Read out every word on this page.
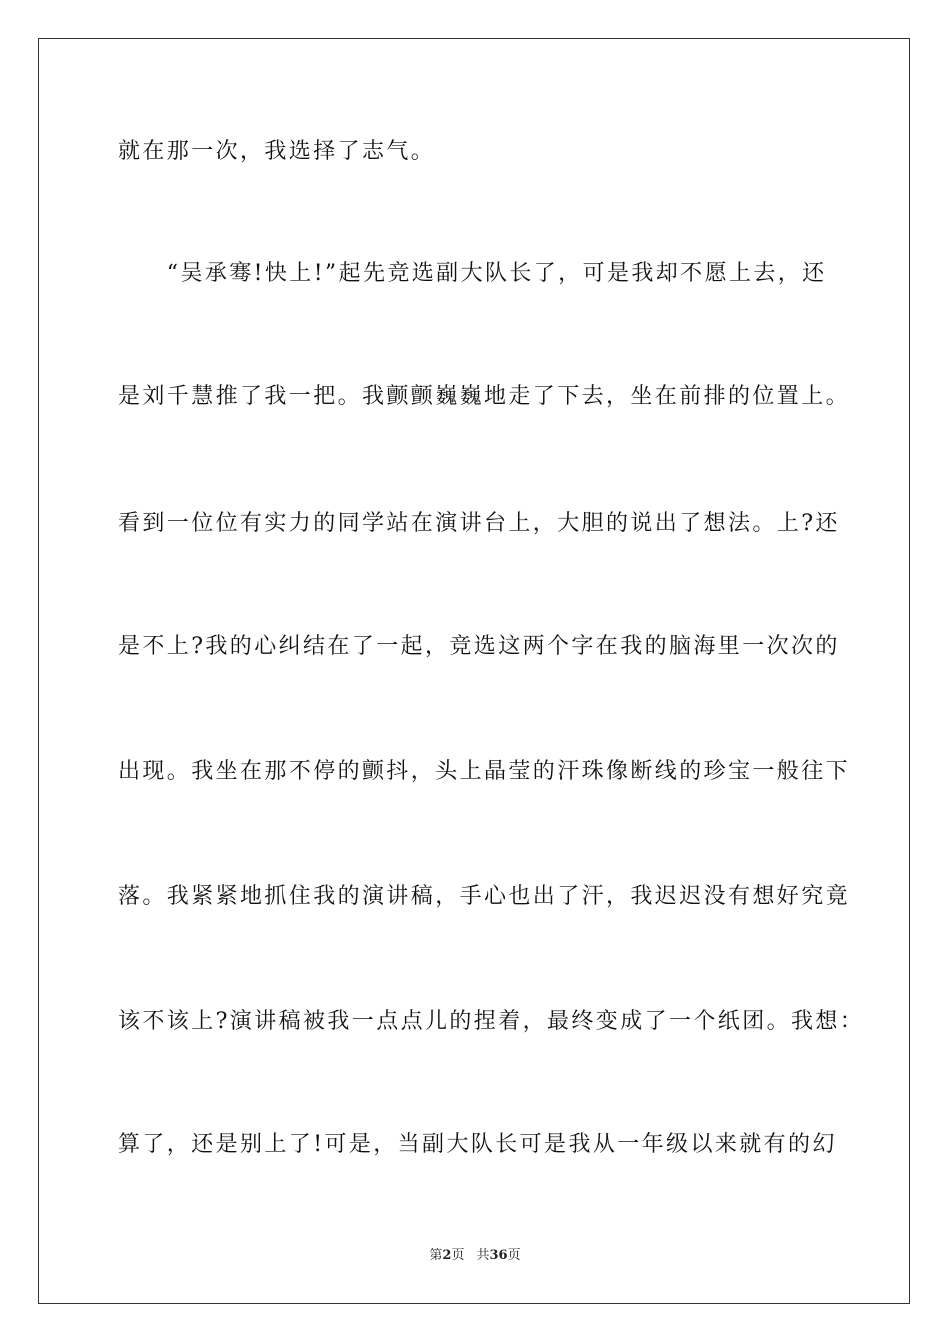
就在那一次，我选择了志气。
　　“吴承骞!快上!”起先竞选副大队长了，可是我却不愿上去，还
是刘千慧推了我一把。我颤颤巍巍地走了下去，坐在前排的位置上。
看到一位位有实力的同学站在演讲台上，大胆的说出了想法。上?还
是不上?我的心纠结在了一起，竞选这两个字在我的脑海里一次次的
出现。我坐在那不停的颤抖，头上晶莹的汗珠像断线的珍宝一般往下
落。我紧紧地抓住我的演讲稿，手心也出了汗，我迟迟没有想好究竟
该不该上?演讲稿被我一点点儿的捏着，最终变成了一个纸团。我想：
算了，还是别上了!可是，当副大队长可是我从一年级以来就有的幻
第2页 共36页
